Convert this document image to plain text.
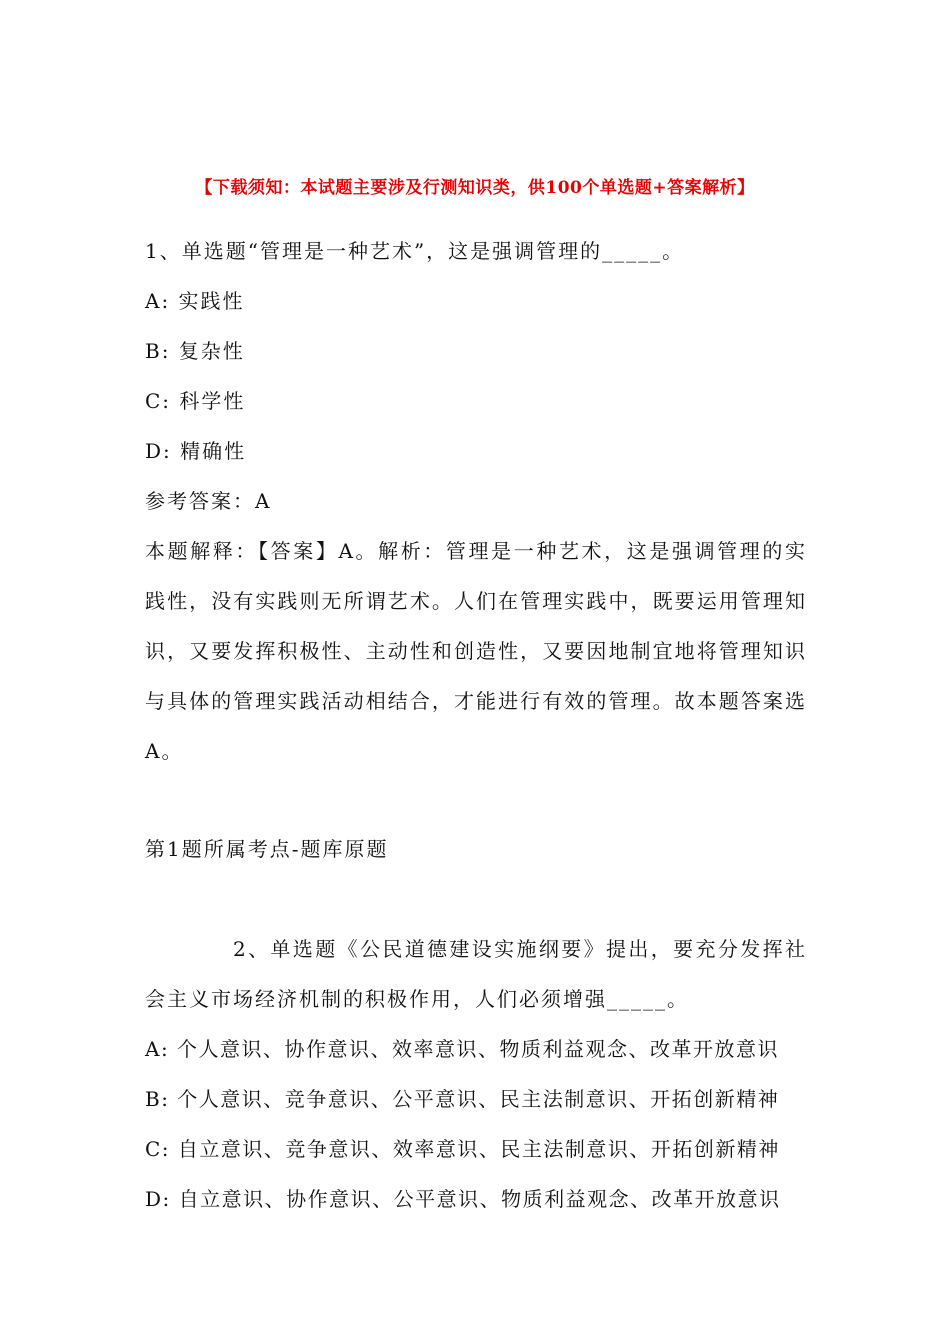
【下载须知：本试题主要涉及行测知识类，供100个单选题+答案解析】
1、单选题“管理是一种艺术”，这是强调管理的_____。
A: 实践性
B: 复杂性
C: 科学性
D: 精确性
参考答案：A
本题解释：【答案】A。解析：管理是一种艺术，这是强调管理的实践性，没有实践则无所谓艺术。人们在管理实践中，既要运用管理知识，又要发挥积极性、主动性和创造性，又要因地制宜地将管理知识与具体的管理实践活动相结合，才能进行有效的管理。故本题答案选A。
第1题所属考点-题库原题
2、单选题《公民道德建设实施纲要》提出，要充分发挥社会主义市场经济机制的积极作用，人们必须增强_____。
A: 个人意识、协作意识、效率意识、物质利益观念、改革开放意识
B: 个人意识、竞争意识、公平意识、民主法制意识、开拓创新精神
C: 自立意识、竞争意识、效率意识、民主法制意识、开拓创新精神
D: 自立意识、协作意识、公平意识、物质利益观念、改革开放意识
